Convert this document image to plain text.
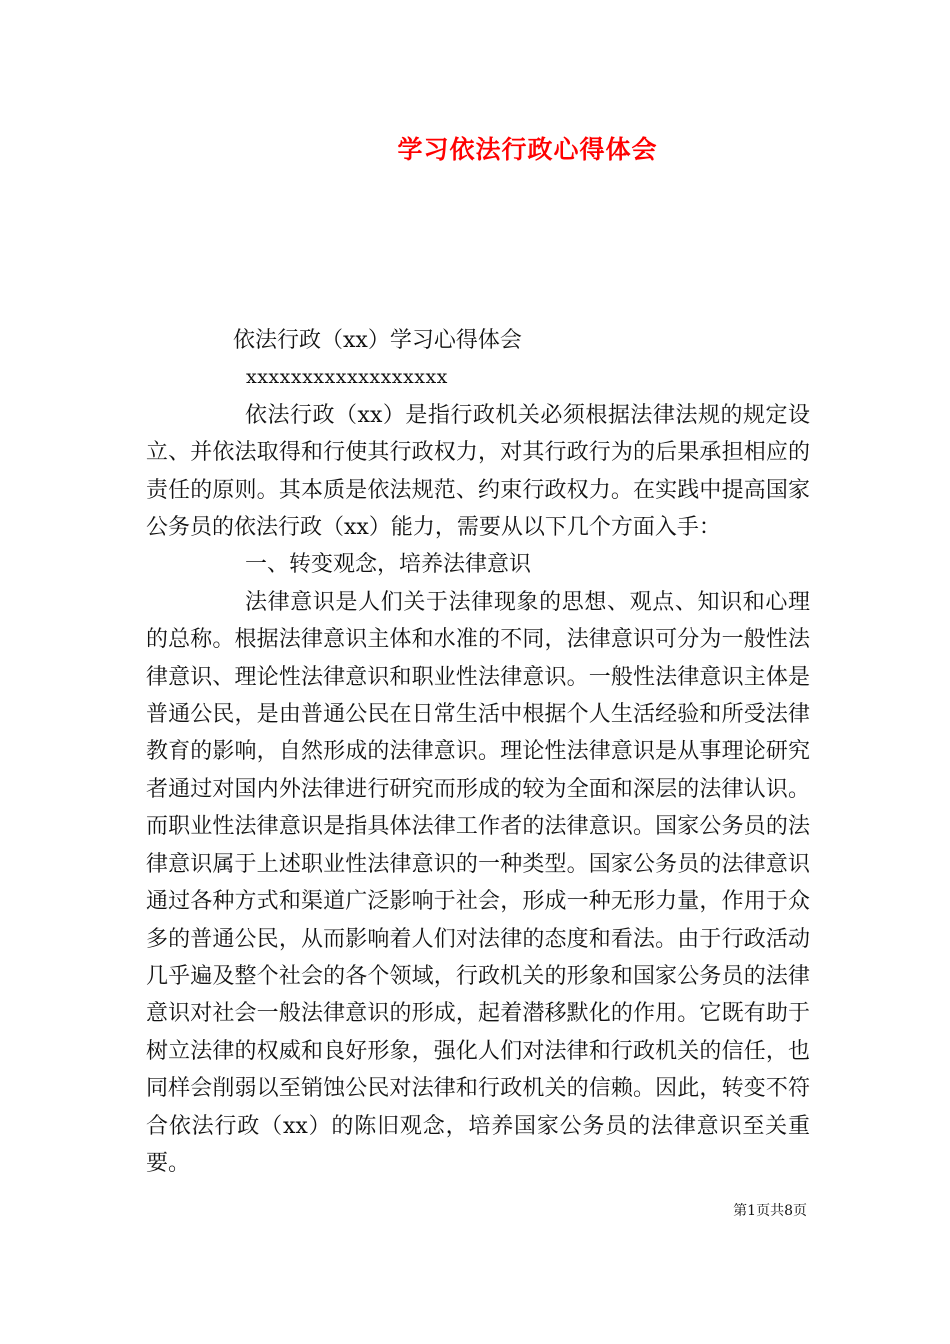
学习依法行政心得体会

依法行政（xx）学习心得体会

xxxxxxxxxxxxxxxxxx

依法行政（xx）是指行政机关必须根据法律法规的规定设立、并依法取得和行使其行政权力，对其行政行为的后果承担相应的责任的原则。其本质是依法规范、约束行政权力。在实践中提高国家公务员的依法行政（xx）能力，需要从以下几个方面入手：

一、转变观念，培养法律意识

法律意识是人们关于法律现象的思想、观点、知识和心理的总称。根据法律意识主体和水准的不同，法律意识可分为一般性法律意识、理论性法律意识和职业性法律意识。一般性法律意识主体是普通公民，是由普通公民在日常生活中根据个人生活经验和所受法律教育的影响，自然形成的法律意识。理论性法律意识是从事理论研究者通过对国内外法律进行研究而形成的较为全面和深层的法律认识。而职业性法律意识是指具体法律工作者的法律意识。国家公务员的法律意识属于上述职业性法律意识的一种类型。国家公务员的法律意识通过各种方式和渠道广泛影响于社会，形成一种无形力量，作用于众多的普通公民，从而影响着人们对法律的态度和看法。由于行政活动几乎遍及整个社会的各个领域，行政机关的形象和国家公务员的法律意识对社会一般法律意识的形成，起着潜移默化的作用。它既有助于树立法律的权威和良好形象，强化人们对法律和行政机关的信任，也同样会削弱以至销蚀公民对法律和行政机关的信赖。因此，转变不符合依法行政（xx）的陈旧观念，培养国家公务员的法律意识至关重要。

第1页共8页
